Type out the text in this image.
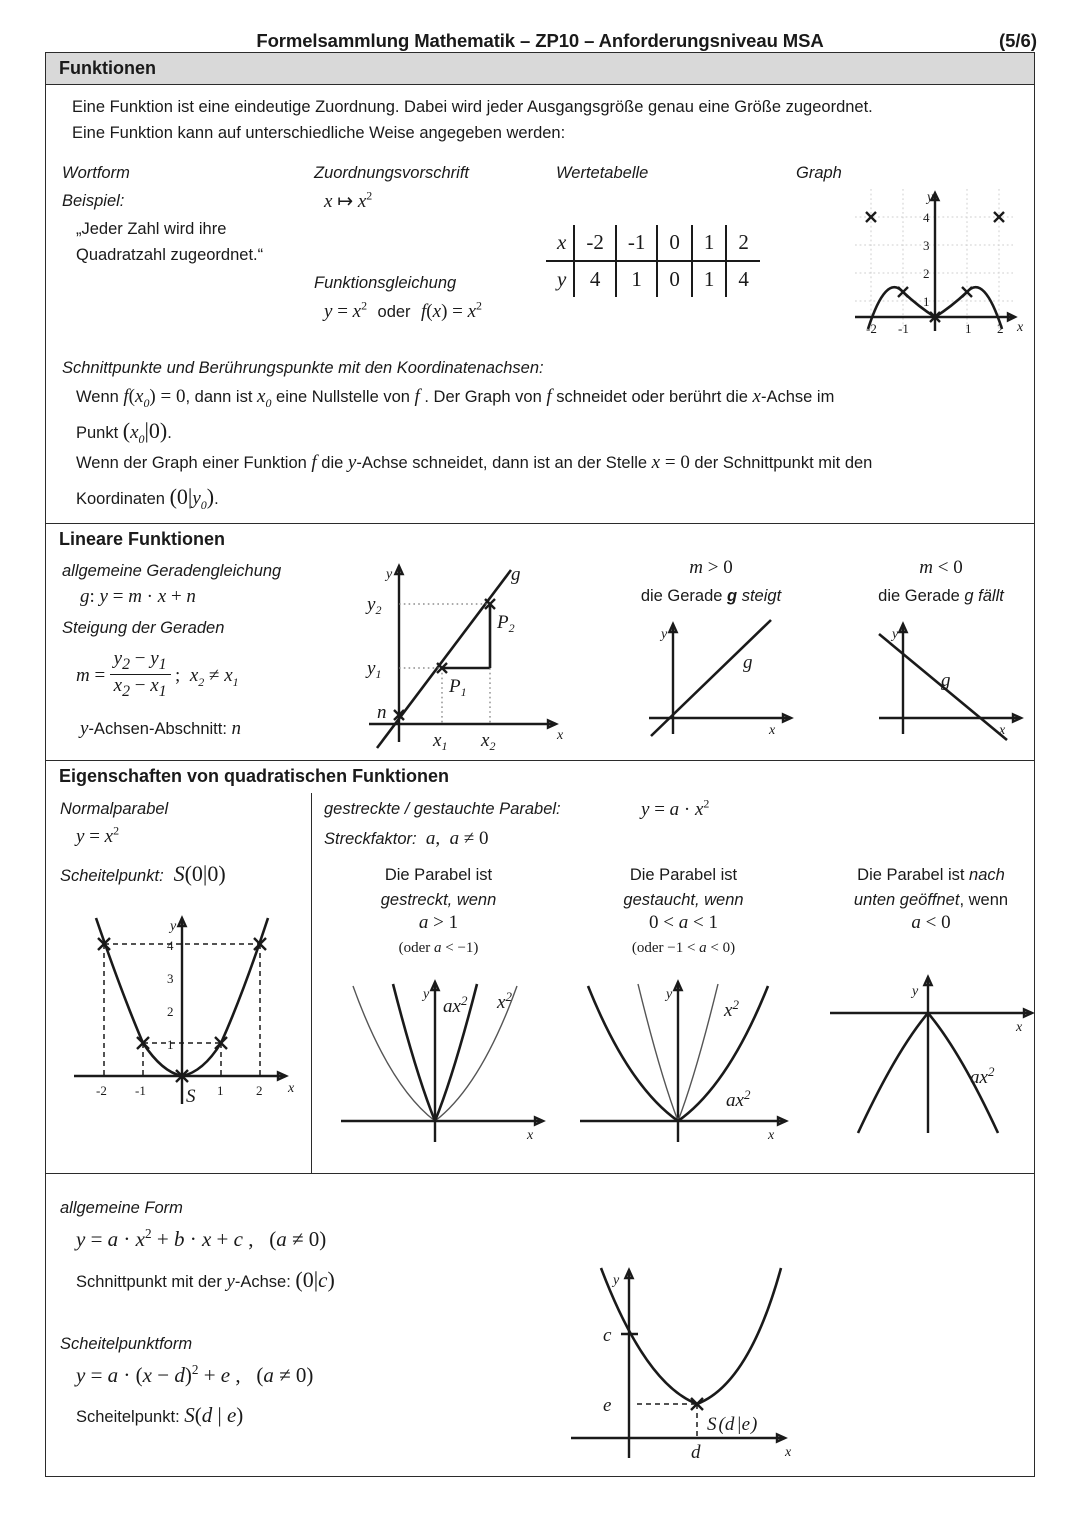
Formelsammlung Mathematik – ZP10 – Anforderungsniveau MSA	(5/6)
Funktionen
Eine Funktion ist eine eindeutige Zuordnung. Dabei wird jeder Ausgangsgröße genau eine Größe zugeordnet.
Eine Funktion kann auf unterschiedliche Weise angegeben werden:
Wortform	Zuordnungsvorschrift	Wertetabelle	Graph
Beispiel:
„Jeder Zahl wird ihre
Quadratzahl zugeordnet.“
x ↦ $x^2$
Funktionsgleichung
$y = x^2$ oder $f(x) = x^2$
x	-2	-1	0	1	2
y	4	1	0	1	4
y
x
-2 -1	1 2
4
3
2
1
Schnittpunkte und Berührungspunkte mit den Koordinatenachsen:
Wenn $f(x_0) = 0$, dann ist $x_0$ eine Nullstelle von f . Der Graph von f schneidet oder berührt die x-Achse im
Punkt $(x_0|0)$.
Wenn der Graph einer Funktion f die y-Achse schneidet, dann ist an der Stelle x = 0 der Schnittpunkt mit den
Koordinaten $(0|y_0)$.
Lineare Funktionen
allgemeine Geradengleichung
g: y = m · x + n
Steigung der Geraden
$m = \frac{y_2 - y_1}{x_2 - x_1}$ ;  $x_2 \ne x_1$
y-Achsen-Abschnitt: n
y
x
g
$P_2$
$P_1$
$y_2$
$y_1$
n
$x_1$ $x_2$
m > 0
die Gerade g steigt
y
x
g
m < 0
die Gerade g fällt
y
x
g
Eigenschaften von quadratischen Funktionen
Normalparabel
$y = x^2$
Scheitelpunkt:  S(0|0)
y
x
-2 -1	1	2
4
3
2
1
S
gestreckte / gestauchte Parabel:	$y = a \cdot x^2$
Streckfaktor:  a,  a ≠ 0
Die Parabel ist
gestreckt, wenn
a > 1
(oder a < −1)
y
x
$ax^2$ $x^2$
Die Parabel ist
gestaucht, wenn
0 < a < 1
(oder −1 < a < 0)
y
x
$x^2$
$ax^2$
Die Parabel ist nach
unten geöffnet, wenn
a < 0
y
x
$ax^2$
allgemeine Form
$y = a \cdot x^2 + b \cdot x + c$ , (a ≠ 0)
Schnittpunkt mit der y-Achse: (0|c)
Scheitelpunktform
$y = a \cdot (x - d)^2 + e$ , (a ≠ 0)
Scheitelpunkt: S(d | e)
y
x
c
e
d
S (d |e)
